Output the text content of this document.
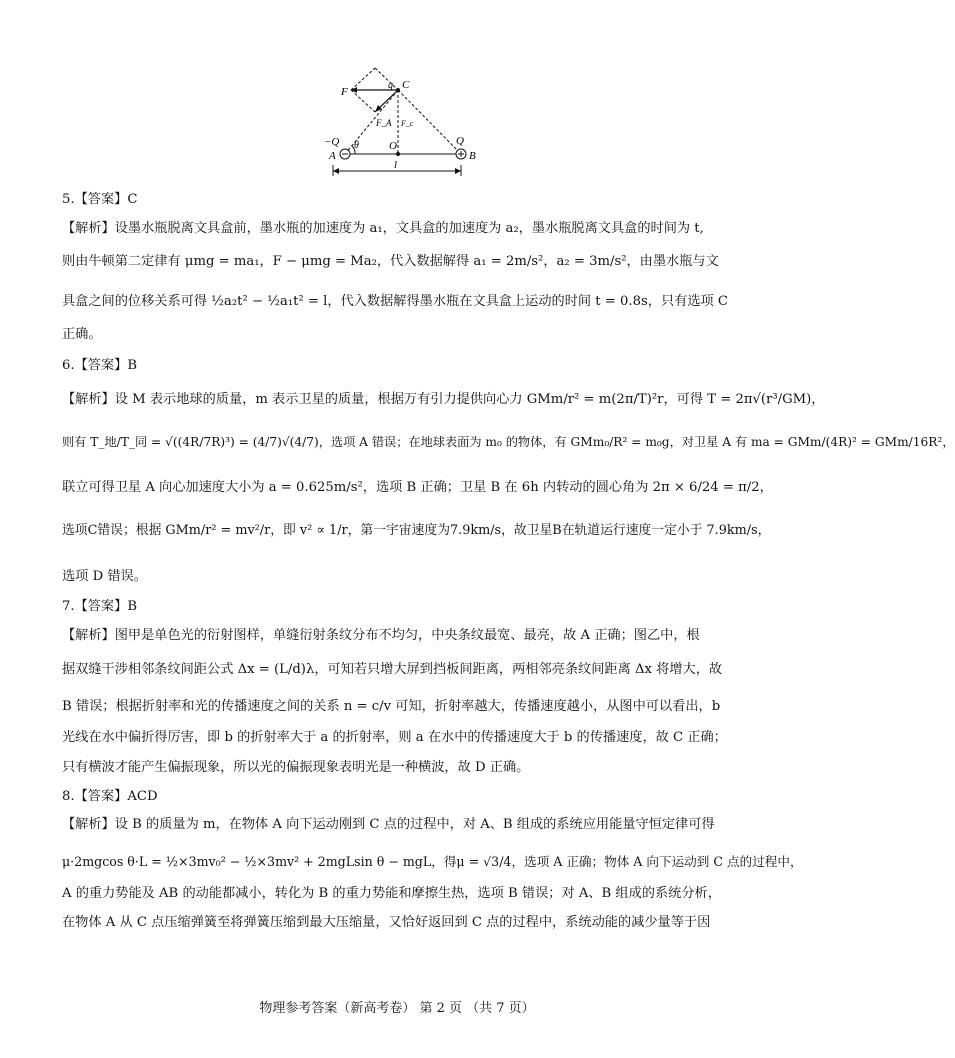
F
q C
F_A F_c
−Q θ	O	Q
A	B
l
5.【答案】C
【解析】设墨水瓶脱离文具盒前，墨水瓶的加速度为 a₁，文具盒的加速度为 a₂，墨水瓶脱离文具盒的时间为 t,
则由牛顿第二定律有 μmg = ma₁，F − μmg = Ma₂，代入数据解得 a₁ = 2m/s²，a₂ = 3m/s²，由墨水瓶与文
具盒之间的位移关系可得 ½a₂t² − ½a₁t² = l，代入数据解得墨水瓶在文具盒上运动的时间 t = 0.8s，只有选项 C
正确。
6.【答案】B
【解析】设 M 表示地球的质量，m 表示卫星的质量，根据万有引力提供向心力 GMm/r² = m(2π/T)²r，可得 T = 2π√(r³/GM)，
则有 T_地/T_同 = √((4R/7R)³) = (4/7)√(4/7)，选项 A 错误；在地球表面为 m₀ 的物体，有 GMm₀/R² = m₀g，对卫星 A 有 ma = GMm/(4R)² = GMm/16R²，
联立可得卫星 A 向心加速度大小为 a = 0.625m/s²，选项 B 正确；卫星 B 在 6h 内转动的圆心角为 2π × 6/24 = π/2，
选项C错误；根据 GMm/r² = mv²/r，即 v² ∝ 1/r，第一宇宙速度为7.9km/s，故卫星B在轨道运行速度一定小于 7.9km/s，
选项 D 错误。
7.【答案】B
【解析】图甲是单色光的衍射图样，单缝衍射条纹分布不均匀，中央条纹最宽、最亮，故 A 正确；图乙中，根
据双缝干涉相邻条纹间距公式 Δx = (L/d)λ，可知若只增大屏到挡板间距离，两相邻亮条纹间距离 Δx 将增大，故
B 错误；根据折射率和光的传播速度之间的关系 n = c/v 可知，折射率越大，传播速度越小，从图中可以看出，b
光线在水中偏折得厉害，即 b 的折射率大于 a 的折射率，则 a 在水中的传播速度大于 b 的传播速度，故 C 正确；
只有横波才能产生偏振现象，所以光的偏振现象表明光是一种横波，故 D 正确。
8.【答案】ACD
【解析】设 B 的质量为 m，在物体 A 向下运动刚到 C 点的过程中，对 A、B 组成的系统应用能量守恒定律可得
μ·2mgcos θ·L = ½×3mv₀² − ½×3mv² + 2mgLsin θ − mgL，得μ = √3/4，选项 A 正确；物体 A 向下运动到 C 点的过程中，
A 的重力势能及 AB 的动能都减小，转化为 B 的重力势能和摩擦生热，选项 B 错误；对 A、B 组成的系统分析，
在物体 A 从 C 点压缩弹簧至将弹簧压缩到最大压缩量，又恰好返回到 C 点的过程中，系统动能的减少量等于因
物理参考答案（新高考卷） 第 2 页 （共 7 页）
